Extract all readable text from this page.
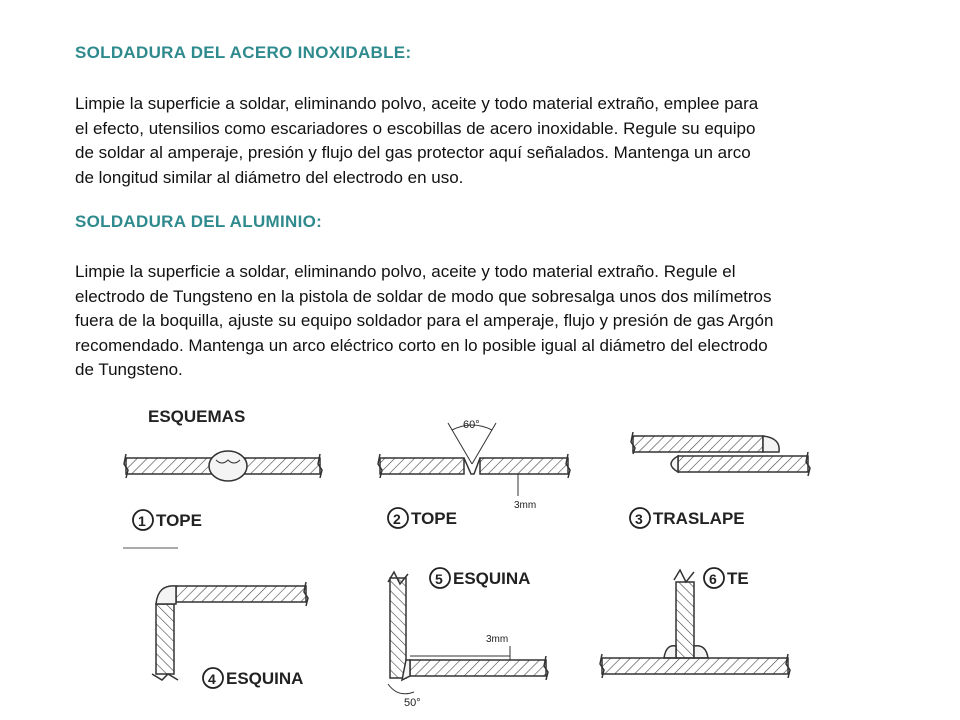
SOLDADURA DEL ACERO INOXIDABLE:

Limpie la superficie a soldar, eliminando polvo, aceite y todo material extraño, emplee para
el efecto, utensilios como escariadores o escobillas de acero inoxidable. Regule su equipo
de soldar al amperaje, presión y flujo del gas protector aquí señalados. Mantenga un arco
de longitud similar al diámetro del electrodo en uso.

SOLDADURA DEL ALUMINIO:

Limpie la superficie a soldar, eliminando polvo, aceite y todo material extraño. Regule el
electrodo de Tungsteno en la pistola de soldar de modo que sobresalga unos dos milímetros
fuera de la boquilla, ajuste su equipo soldador para el amperaje, flujo y presión de gas Argón
recomendado. Mantenga un arco eléctrico corto en lo posible igual al diámetro del electrodo
de Tungsteno.

ESQUEMAS
1 TOPE
60°
3mm
2 TOPE	3 TRASLAPE
4 ESQUINA
3mm
50°
5 ESQUINA	6 TE
